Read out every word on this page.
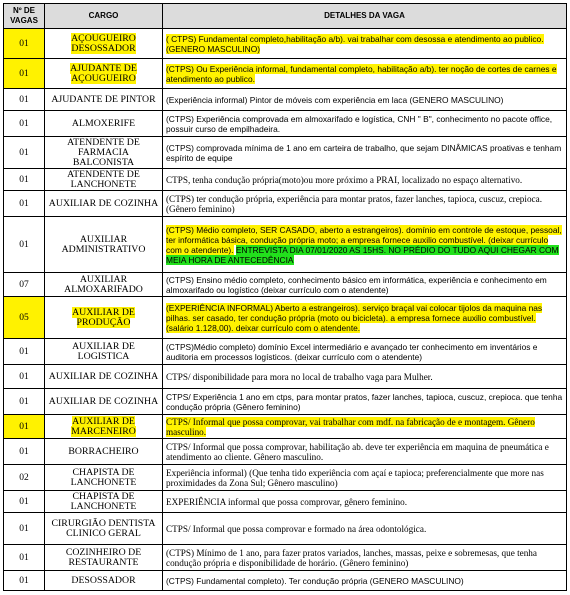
Nº DE VAGAS	CARGO	DETALHES DA VAGA
01	AÇOUGUEIRO DESOSSADOR	( CTPS) Fundamental completo,habilitação a/b). vai trabalhar com desossa e atendimento ao publico. (GENERO MASCULINO)
01	AJUDANTE DE AÇOUGUEIRO	(CTPS) Ou Experiência informal, fundamental completo, habilitação a/b). ter noção de cortes de carnes e atendimento ao publico.
01	AJUDANTE DE PINTOR	(Experiência informal) Pintor de móveis com experiência em laca (GENERO MASCULINO)
01	ALMOXERIFE	(CTPS) Experiência comprovada em almoxarifado e logística, CNH " B", conhecimento no pacote office, possuir curso de empilhadeira.
01	ATENDENTE DE FARMACIA BALCONISTA	(CTPS) comprovada mínima de 1 ano em carteira de trabalho, que sejam DINÂMICAS proativas e tenham espírito de equipe
01	ATENDENTE DE LANCHONETE	CTPS, tenha condução própria(moto)ou more próximo a PRAI, localizado no espaço alternativo.
01	AUXILIAR DE COZINHA	(CTPS) ter condução própria, experiência para montar pratos, fazer lanches, tapioca, cuscuz, crepioca. (Gênero feminino)
01	AUXILIAR ADMINISTRATIVO	(CTPS) Médio completo, SER CASADO, aberto a estrangeiros). domínio em controle de estoque, pessoal, ter informática básica, condução própria moto; a empresa fornece auxilio combustível. (deixar currículo com o atendente). ENTREVISTA DIA 07/01/2020 AS 15HS. NO PRÉDIO DO TUDO AQUI CHEGAR COM MEIA HORA DE ANTECEDÊNCIA
07	AUXILIAR ALMOXARIFADO	(CTPS) Ensino médio completo, conhecimento básico em informática, experiência e conhecimento em almoxarifado ou logístico (deixar currículo com o atendente)
05	AUXILIAR DE PRODUÇÃO	(EXPERIÊNCIA INFORMAL) Aberto a estrangeiros). serviço braçal vai colocar tijolos da maquina nas pilhas. ser casado, ter condução própria (moto ou bicicleta). a empresa fornece auxilio combustível. (salário 1.128,00). deixar currículo com o atendente.
01	AUXILIAR DE LOGISTICA	(CTPS)Médio completo) domínio Excel intermediário e avançado ter conhecimento em inventários e auditoria em processos logísticos. (deixar currículo com o atendente)
01	AUXILIAR DE COZINHA	CTPS/ disponibilidade para mora no local de trabalho vaga para Mulher.
01	AUXILIAR DE COZINHA	CTPS/ Experiência 1 ano em ctps, para montar pratos, fazer lanches, tapioca, cuscuz, crepioca. que tenha condução própria (Gênero feminino)
01	AUXILIAR DE MARCENEIRO	CTPS/ Informal que possa comprovar, vai trabalhar com mdf. na fabricação de e montagem. Gênero masculino.
01	BORRACHEIRO	CTPS/ Informal que possa comprovar, habilitação ab. deve ter experiência em maquina de pneumática e atendimento ao cliente. Gênero masculino.
02	CHAPISTA DE LANCHONETE	Experiência informal) (Que tenha tido experiência com açaí e tapioca; preferencialmente que more nas proximidades da Zona Sul; Gênero masculino)
01	CHAPISTA DE LANCHONETE	EXPERIÊNCIA informal que possa comprovar, gênero feminino.
01	CIRURGIÃO DENTISTA CLINICO GERAL	CTPS/ Informal que possa comprovar e formado na área odontológica.
01	COZINHEIRO DE RESTAURANTE	(CTPS) Mínimo de 1 ano, para fazer pratos variados, lanches, massas, peixe e sobremesas, que tenha condução própria e disponibilidade de horário. (Gênero feminino)
01	DESOSSADOR	(CTPS) Fundamental completo). Ter condução própria (GENERO MASCULINO)
